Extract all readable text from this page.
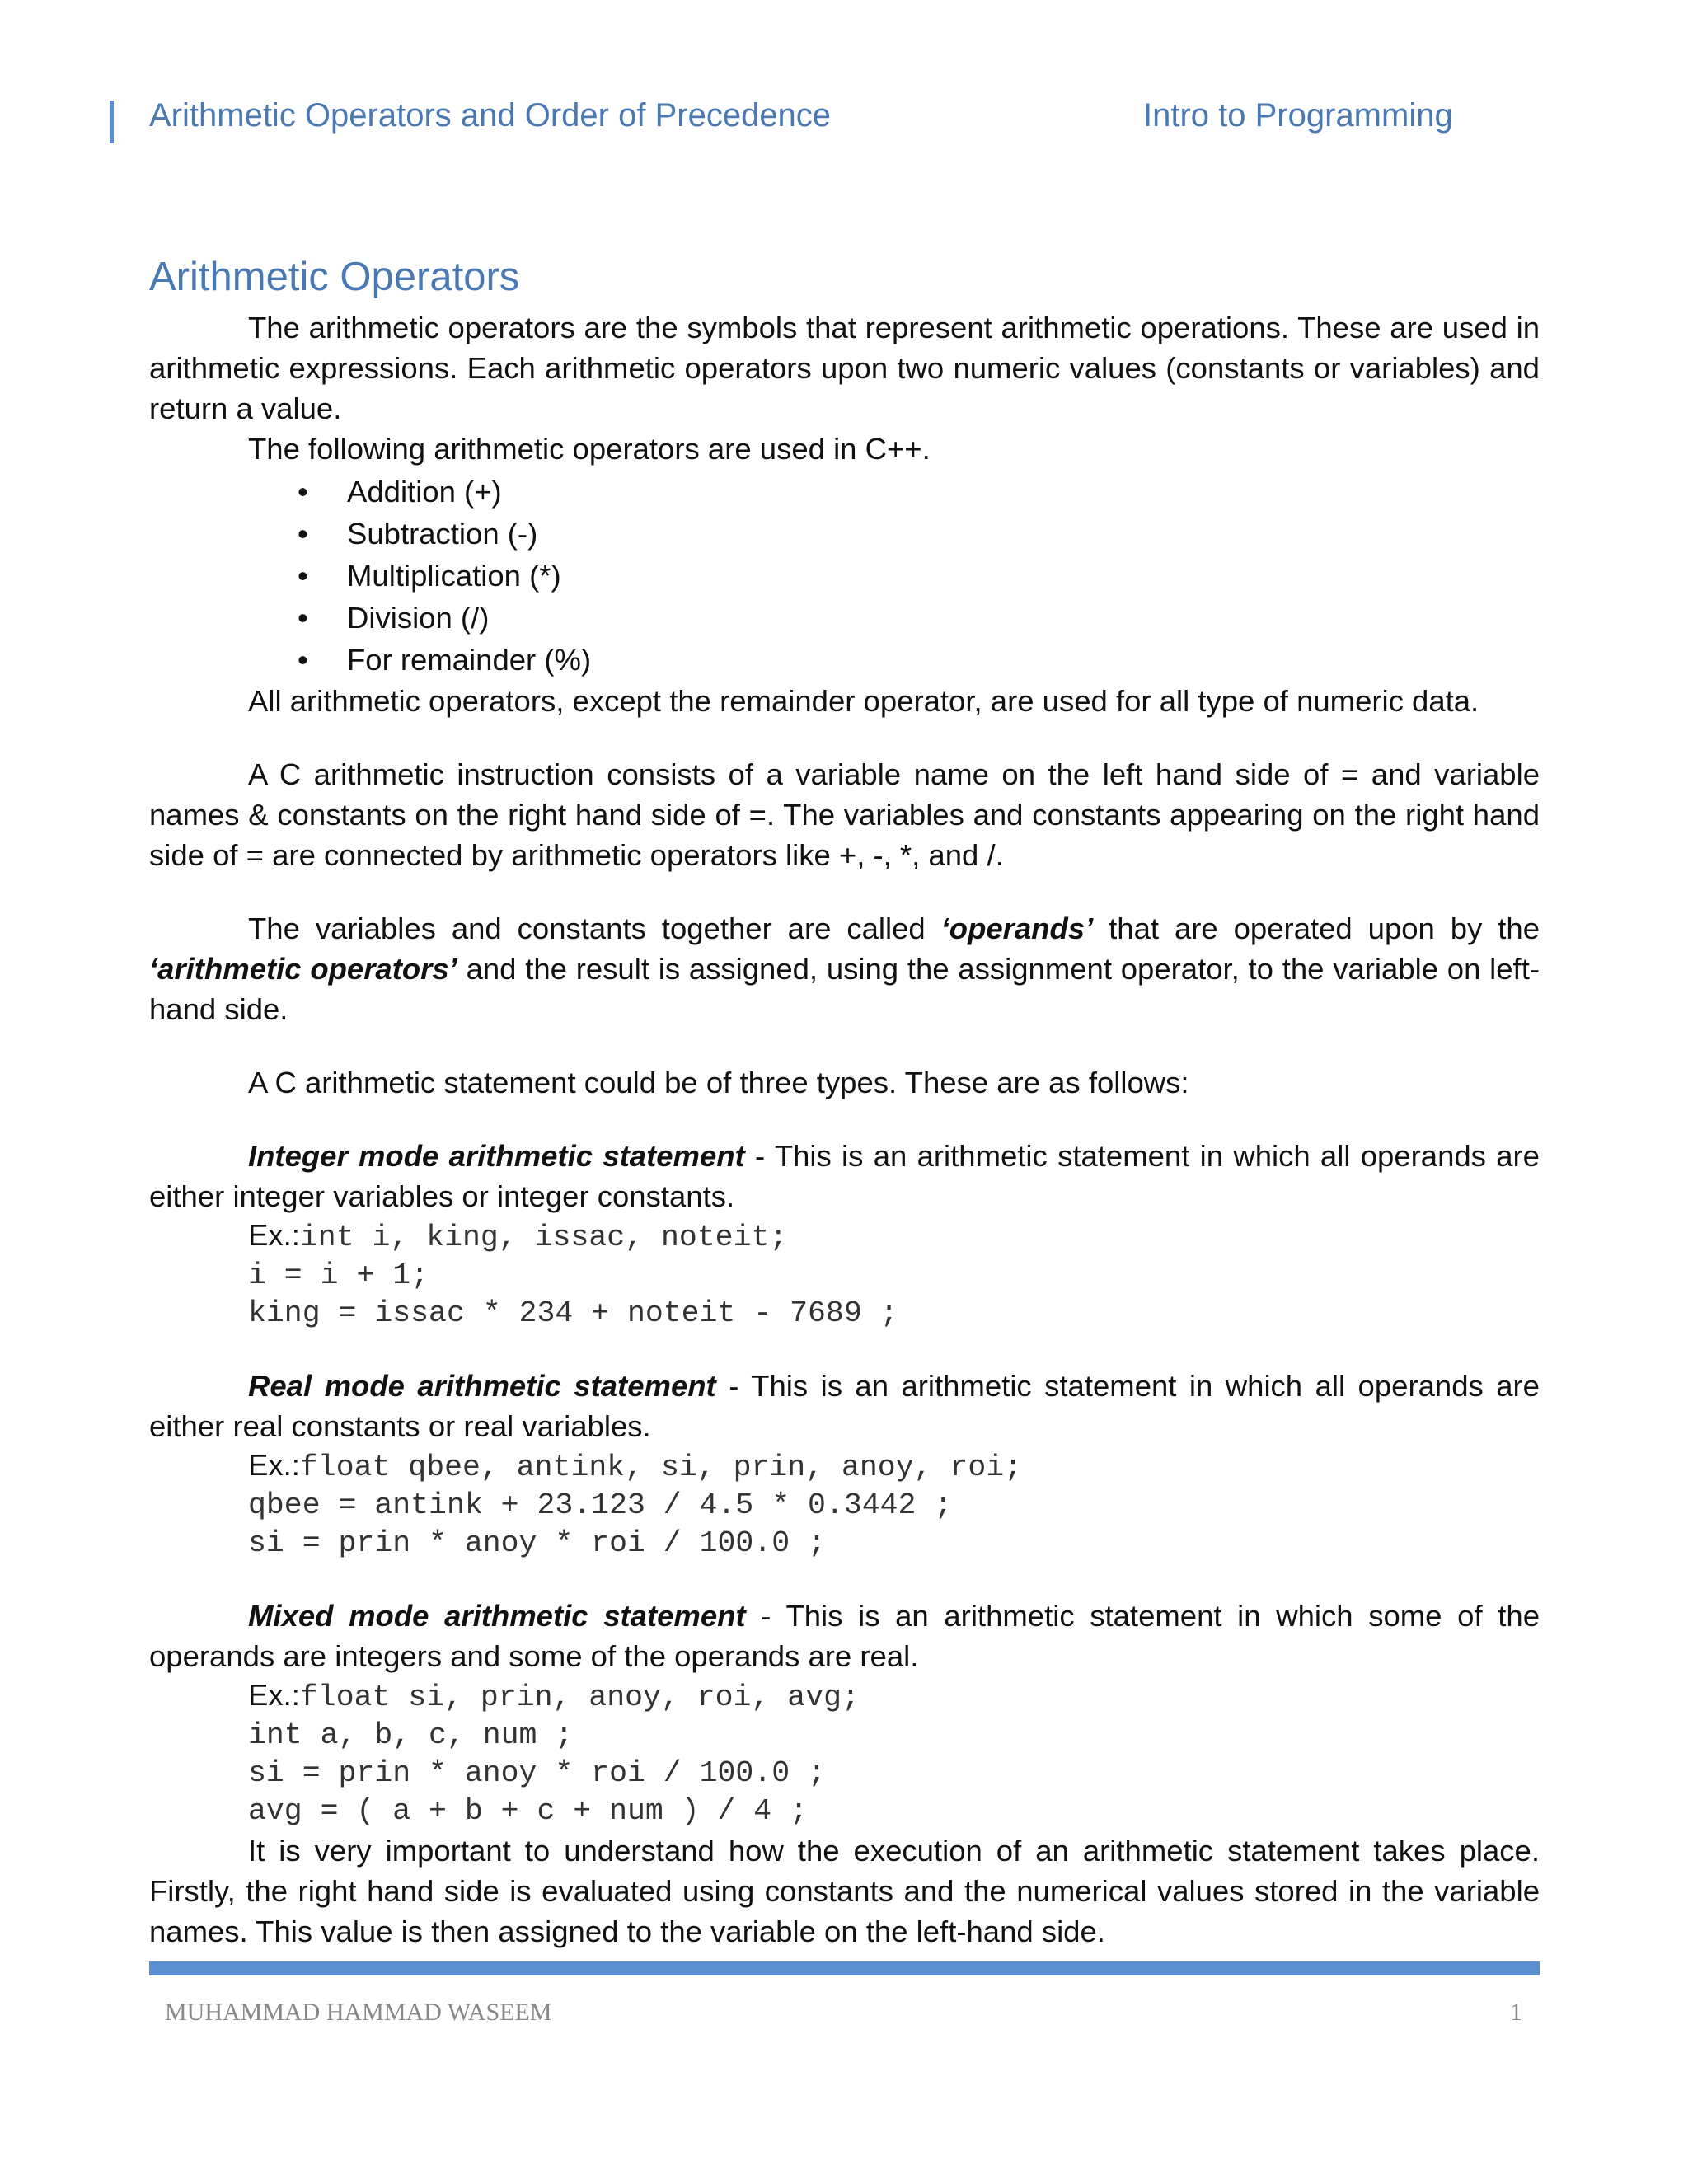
Arithmetic Operators and Order of Precedence	Intro to Programming
Arithmetic Operators

The arithmetic operators are the symbols that represent arithmetic operations. These are used in arithmetic expressions. Each arithmetic operators upon two numeric values (constants or variables) and return a value.

The following arithmetic operators are used in C++.

• Addition (+)
• Subtraction (-)
• Multiplication (*)
• Division (/)
• For remainder (%)

All arithmetic operators, except the remainder operator, are used for all type of numeric data.

A C arithmetic instruction consists of a variable name on the left hand side of = and variable names & constants on the right hand side of =. The variables and constants appearing on the right hand side of = are connected by arithmetic operators like +, -, *, and /.

The variables and constants together are called ‘operands’ that are operated upon by the ‘arithmetic operators’ and the result is assigned, using the assignment operator, to the variable on left-hand side.

A C arithmetic statement could be of three types. These are as follows:

Integer mode arithmetic statement - This is an arithmetic statement in which all operands are either integer variables or integer constants.

Ex.:int i, king, issac, noteit;
i = i + 1;
king = issac * 234 + noteit - 7689 ;

Real mode arithmetic statement - This is an arithmetic statement in which all operands are either real constants or real variables.

Ex.:float qbee, antink, si, prin, anoy, roi;
qbee = antink + 23.123 / 4.5 * 0.3442 ;
si = prin * anoy * roi / 100.0 ;

Mixed mode arithmetic statement - This is an arithmetic statement in which some of the operands are integers and some of the operands are real.

Ex.:float si, prin, anoy, roi, avg;
int a, b, c, num ;
si = prin * anoy * roi / 100.0 ;
avg = ( a + b + c + num ) / 4 ;

It is very important to understand how the execution of an arithmetic statement takes place. Firstly, the right hand side is evaluated using constants and the numerical values stored in the variable names. This value is then assigned to the variable on the left-hand side.

MUHAMMAD HAMMAD WASEEM	1
